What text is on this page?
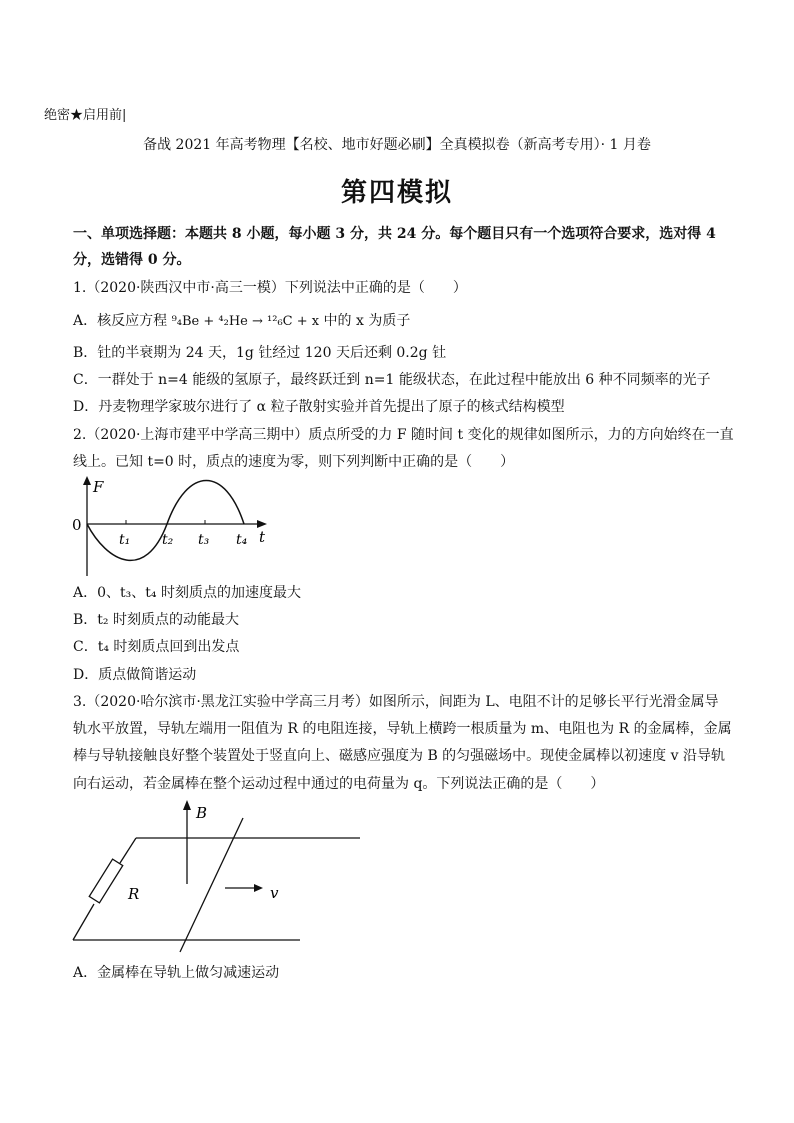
绝密★启用前|
备战 2021 年高考物理【名校、地市好题必刷】全真模拟卷（新高考专用）· 1 月卷
第四模拟
一、单项选择题：本题共 8 小题，每小题 3 分，共 24 分。每个题目只有一个选项符合要求，选对得 4
分，选错得 0 分。
1.（2020·陕西汉中市·高三一模）下列说法中正确的是（　　）
A．核反应方程 ⁹₄Be + ⁴₂He → ¹²₆C + x 中的 x 为质子
B．钍的半衰期为 24 天，1g 钍经过 120 天后还剩 0.2g 钍
C．一群处于 n=4 能级的氢原子，最终跃迁到 n=1 能级状态，在此过程中能放出 6 种不同频率的光子
D．丹麦物理学家玻尔进行了 α 粒子散射实验并首先提出了原子的核式结构模型
2.（2020·上海市建平中学高三期中）质点所受的力 F 随时间 t 变化的规律如图所示，力的方向始终在一直
线上。已知 t=0 时，质点的速度为零，则下列判断中正确的是（　　）
F
0
t
t₁ t₂ t₃ t₄
A．0、t₃、t₄ 时刻质点的加速度最大
B．t₂ 时刻质点的动能最大
C．t₄ 时刻质点回到出发点
D．质点做简谐运动
3.（2020·哈尔滨市·黑龙江实验中学高三月考）如图所示，间距为 L、电阻不计的足够长平行光滑金属导
轨水平放置，导轨左端用一阻值为 R 的电阻连接，导轨上横跨一根质量为 m、电阻也为 R 的金属棒，金属
棒与导轨接触良好整个装置处于竖直向上、磁感应强度为 B 的匀强磁场中。现使金属棒以初速度 v 沿导轨
向右运动，若金属棒在整个运动过程中通过的电荷量为 q。下列说法正确的是（　　）
B
R	v
A．金属棒在导轨上做匀减速运动
